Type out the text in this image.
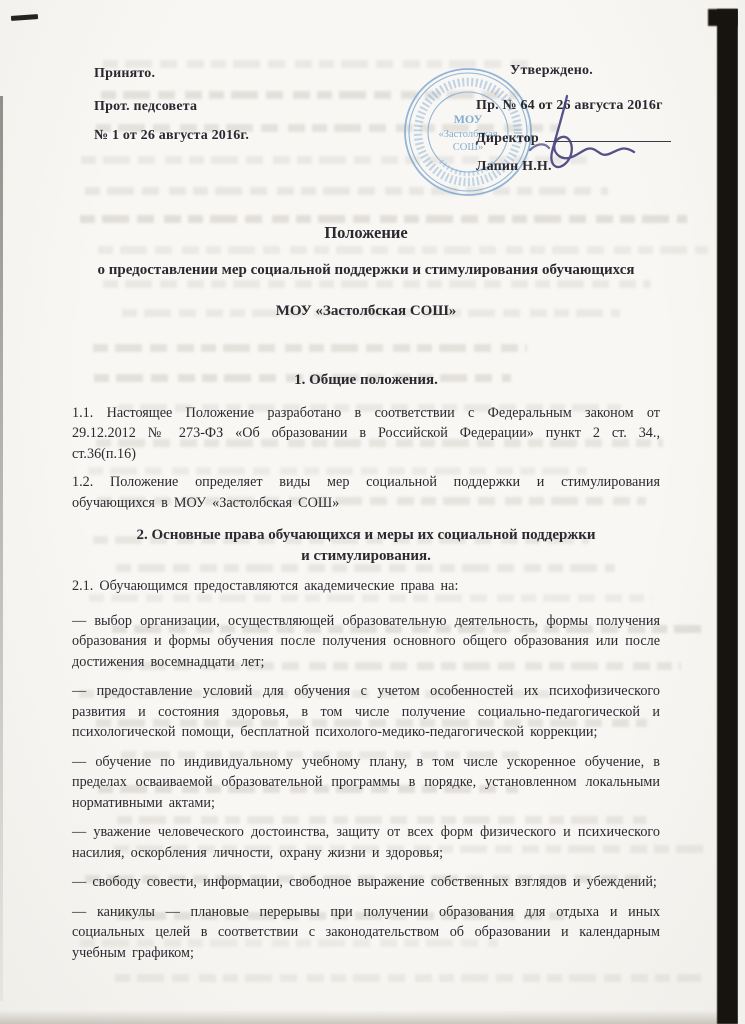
МОУ
«Застолбская
СОШ»

Принято.

Прот. педсовета

№ 1 от 26 августа 2016г.

Утверждено.

Пр. № 64 от 26 августа 2016г

Директор

Лапин Н.Н.

Положение

о предоставлении мер социальной поддержки и стимулирования обучающихся

МОУ «Застолбская СОШ»

1. Общие положения.

1.1. Настоящее Положение разработано в соответствии с Федеральным законом от 29.12.2012 № 273-ФЗ «Об образовании в Российской Федерации» пункт 2 ст. 34., ст.36(п.16)

1.2. Положение определяет виды мер социальной поддержки и стимулирования обучающихся в МОУ «Застолбская СОШ»

2. Основные права обучающихся и меры их социальной поддержки

и стимулирования.

2.1. Обучающимся предоставляются академические права на:

— выбор организации, осуществляющей образовательную деятельность, формы получения образования и формы обучения после получения основного общего образования или после достижения восемнадцати лет;

— предоставление условий для обучения с учетом особенностей их психофизического развития и состояния здоровья, в том числе получение социально-педагогической и психологической помощи, бесплатной психолого-медико-педагогической коррекции;

— обучение по индивидуальному учебному плану, в том числе ускоренное обучение, в пределах осваиваемой образовательной программы в порядке, установленном локальными нормативными актами;

— уважение человеческого достоинства, защиту от всех форм физического и психического насилия, оскорбления личности, охрану жизни и здоровья;

— свободу совести, информации, свободное выражение собственных взглядов и убеждений;

— каникулы — плановые перерывы при получении образования для отдыха и иных социальных целей в соответствии с законодательством об образовании и календарным учебным графиком;
